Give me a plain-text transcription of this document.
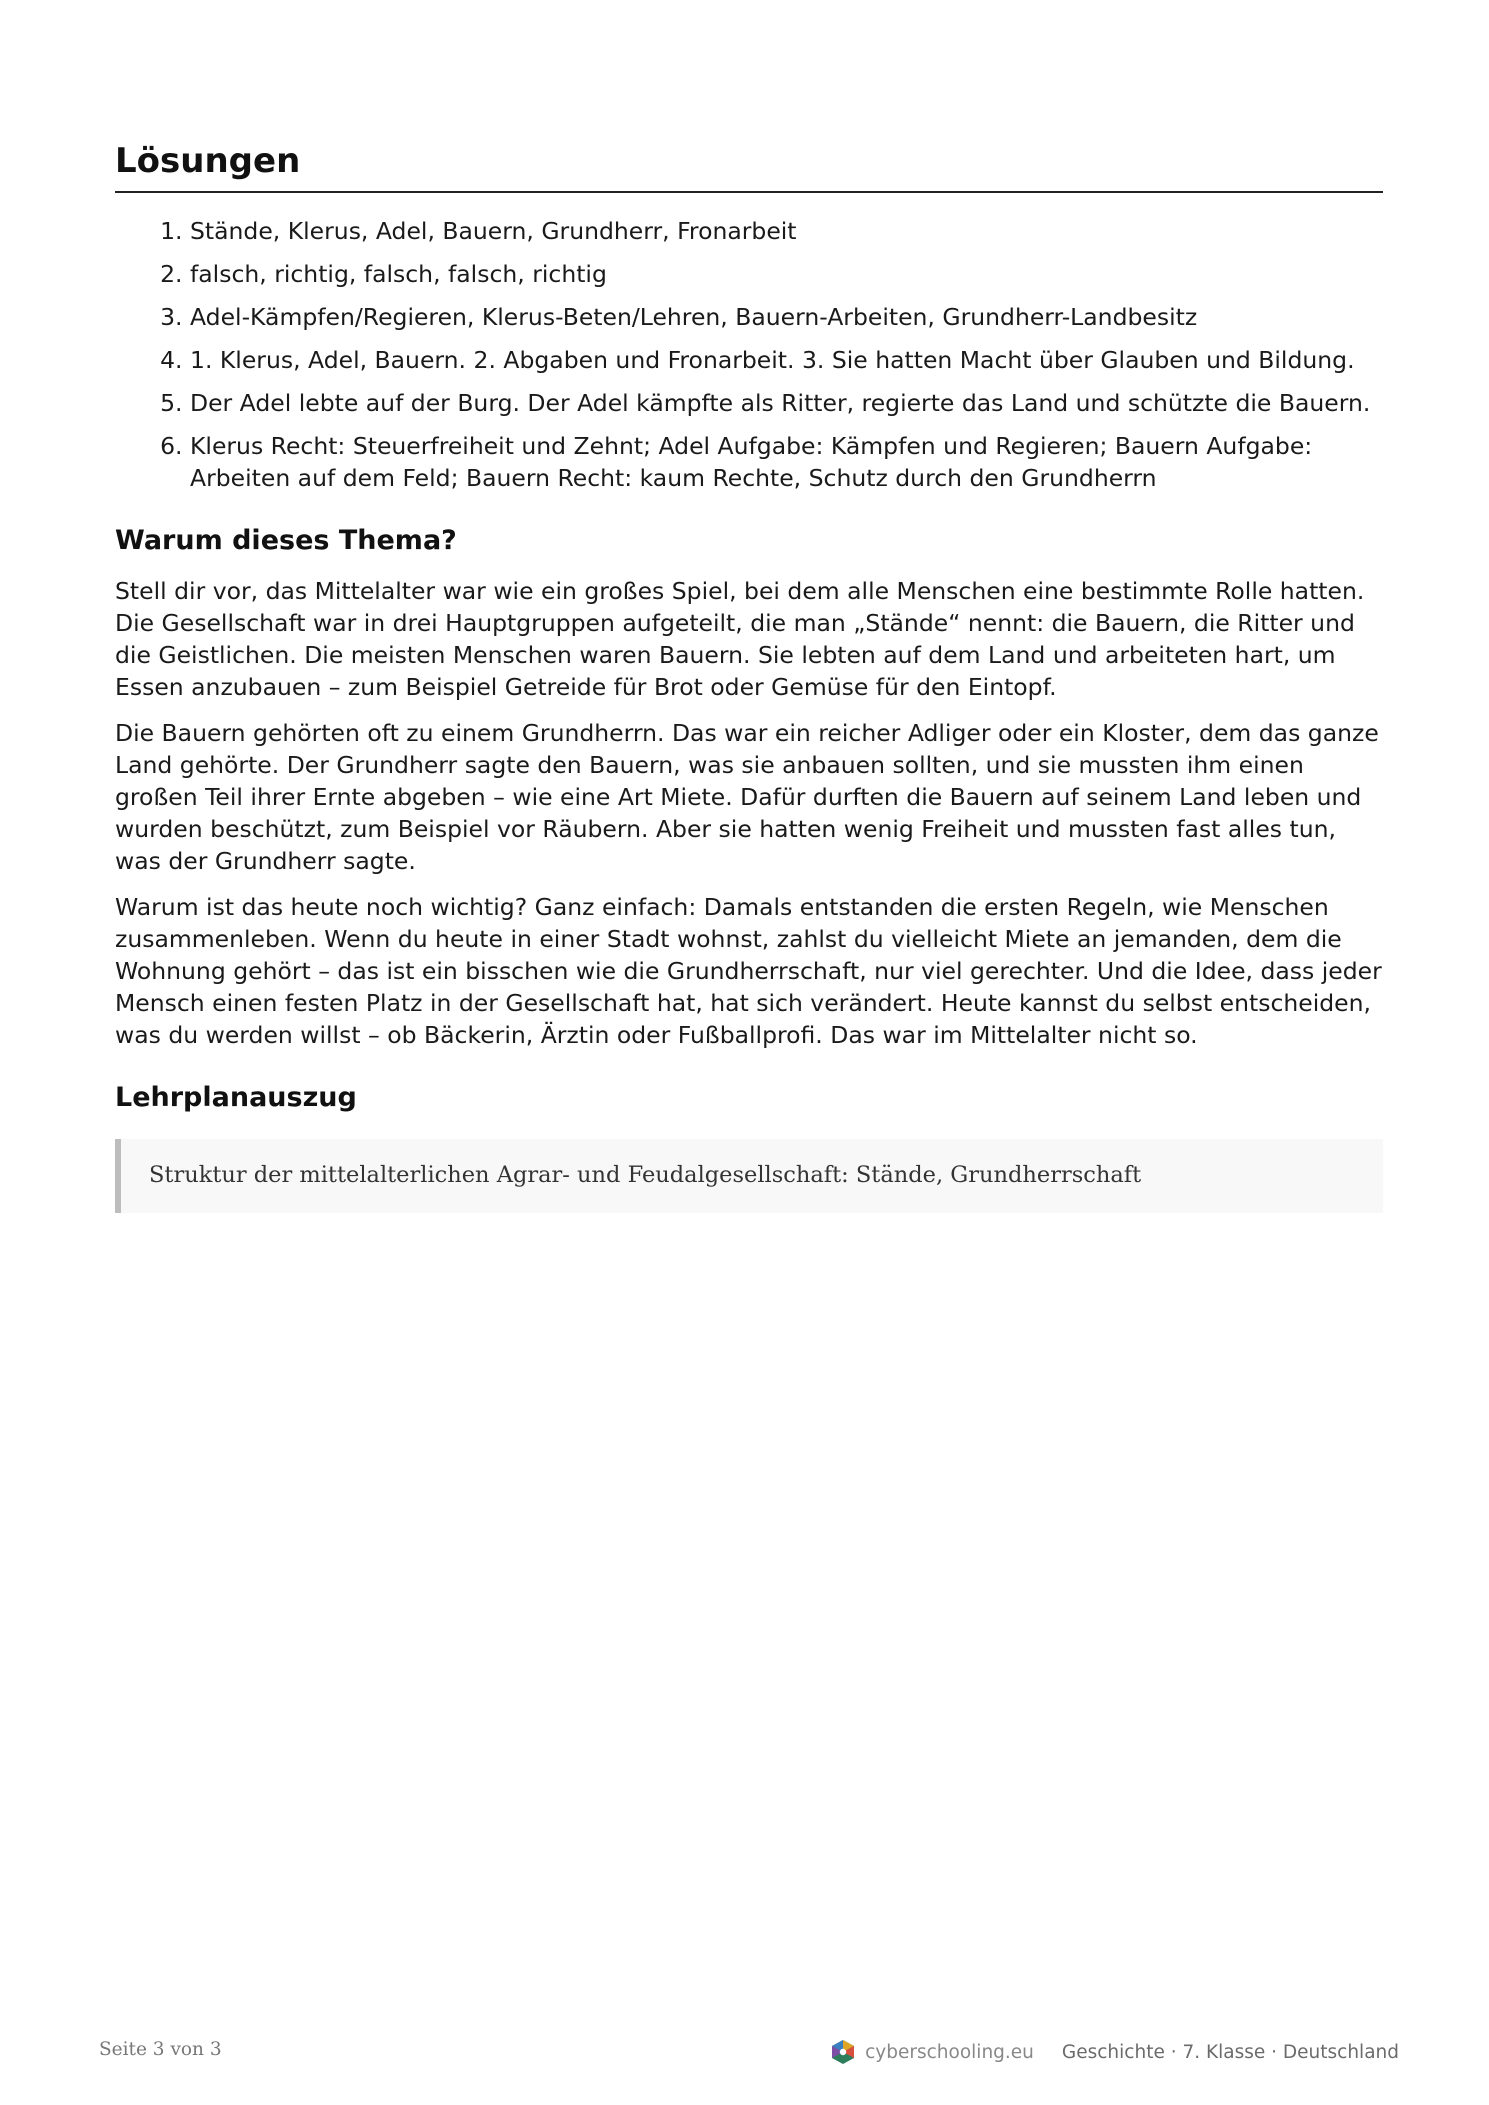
Lösungen
1. Stände, Klerus, Adel, Bauern, Grundherr, Fronarbeit
2. falsch, richtig, falsch, falsch, richtig
3. Adel-Kämpfen/Regieren, Klerus-Beten/Lehren, Bauern-Arbeiten, Grundherr-Landbesitz
4. 1. Klerus, Adel, Bauern. 2. Abgaben und Fronarbeit. 3. Sie hatten Macht über Glauben und Bildung.
5. Der Adel lebte auf der Burg. Der Adel kämpfte als Ritter, regierte das Land und schützte die Bauern.
6. Klerus Recht: Steuerfreiheit und Zehnt; Adel Aufgabe: Kämpfen und Regieren; Bauern Aufgabe: Arbeiten auf dem Feld; Bauern Recht: kaum Rechte, Schutz durch den Grundherrn
Warum dieses Thema?

Stell dir vor, das Mittelalter war wie ein großes Spiel, bei dem alle Menschen eine bestimmte Rolle hatten. Die Gesellschaft war in drei Hauptgruppen aufgeteilt, die man „Stände“ nennt: die Bauern, die Ritter und die Geistlichen. Die meisten Menschen waren Bauern. Sie lebten auf dem Land und arbeiteten hart, um Essen anzubauen – zum Beispiel Getreide für Brot oder Gemüse für den Eintopf.

Die Bauern gehörten oft zu einem Grundherrn. Das war ein reicher Adliger oder ein Kloster, dem das ganze Land gehörte. Der Grundherr sagte den Bauern, was sie anbauen sollten, und sie mussten ihm einen großen Teil ihrer Ernte abgeben – wie eine Art Miete. Dafür durften die Bauern auf seinem Land leben und wurden beschützt, zum Beispiel vor Räubern. Aber sie hatten wenig Freiheit und mussten fast alles tun, was der Grundherr sagte.

Warum ist das heute noch wichtig? Ganz einfach: Damals entstanden die ersten Regeln, wie Menschen zusammenleben. Wenn du heute in einer Stadt wohnst, zahlst du vielleicht Miete an jemanden, dem die Wohnung gehört – das ist ein bisschen wie die Grundherrschaft, nur viel gerechter. Und die Idee, dass jeder Mensch einen festen Platz in der Gesellschaft hat, hat sich verändert. Heute kannst du selbst entscheiden, was du werden willst – ob Bäckerin, Ärztin oder Fußballprofi. Das war im Mittelalter nicht so.

Lehrplanauszug
Struktur der mittelalterlichen Agrar- und Feudalgesellschaft: Stände, Grundherrschaft
Seite 3 von 3	cyberschooling.eu Geschichte · 7. Klasse · Deutschland
